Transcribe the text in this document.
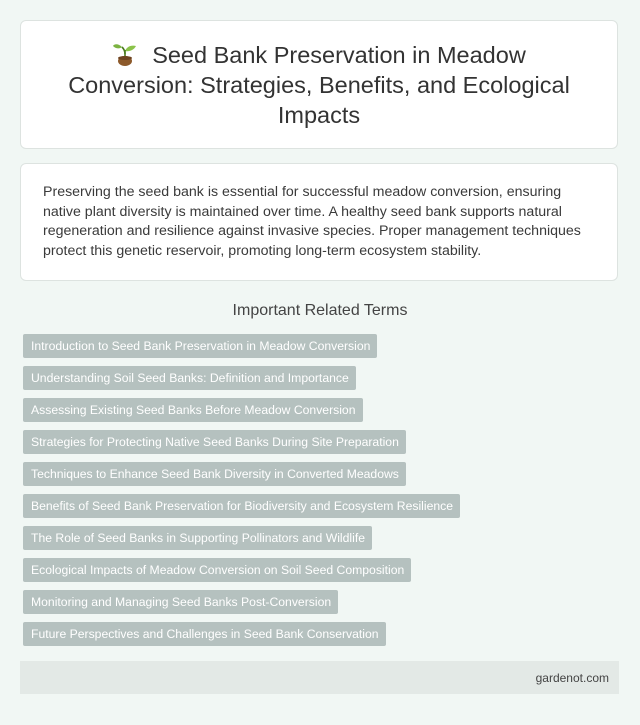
Seed Bank Preservation in Meadow Conversion: Strategies, Benefits, and Ecological Impacts

Preserving the seed bank is essential for successful meadow conversion, ensuring native plant diversity is maintained over time. A healthy seed bank supports natural regeneration and resilience against invasive species. Proper management techniques protect this genetic reservoir, promoting long-term ecosystem stability.

Important Related Terms
Introduction to Seed Bank Preservation in Meadow Conversion
Understanding Soil Seed Banks: Definition and Importance
Assessing Existing Seed Banks Before Meadow Conversion
Strategies for Protecting Native Seed Banks During Site Preparation
Techniques to Enhance Seed Bank Diversity in Converted Meadows
Benefits of Seed Bank Preservation for Biodiversity and Ecosystem Resilience
The Role of Seed Banks in Supporting Pollinators and Wildlife
Ecological Impacts of Meadow Conversion on Soil Seed Composition
Monitoring and Managing Seed Banks Post-Conversion
Future Perspectives and Challenges in Seed Bank Conservation
gardenot.com
